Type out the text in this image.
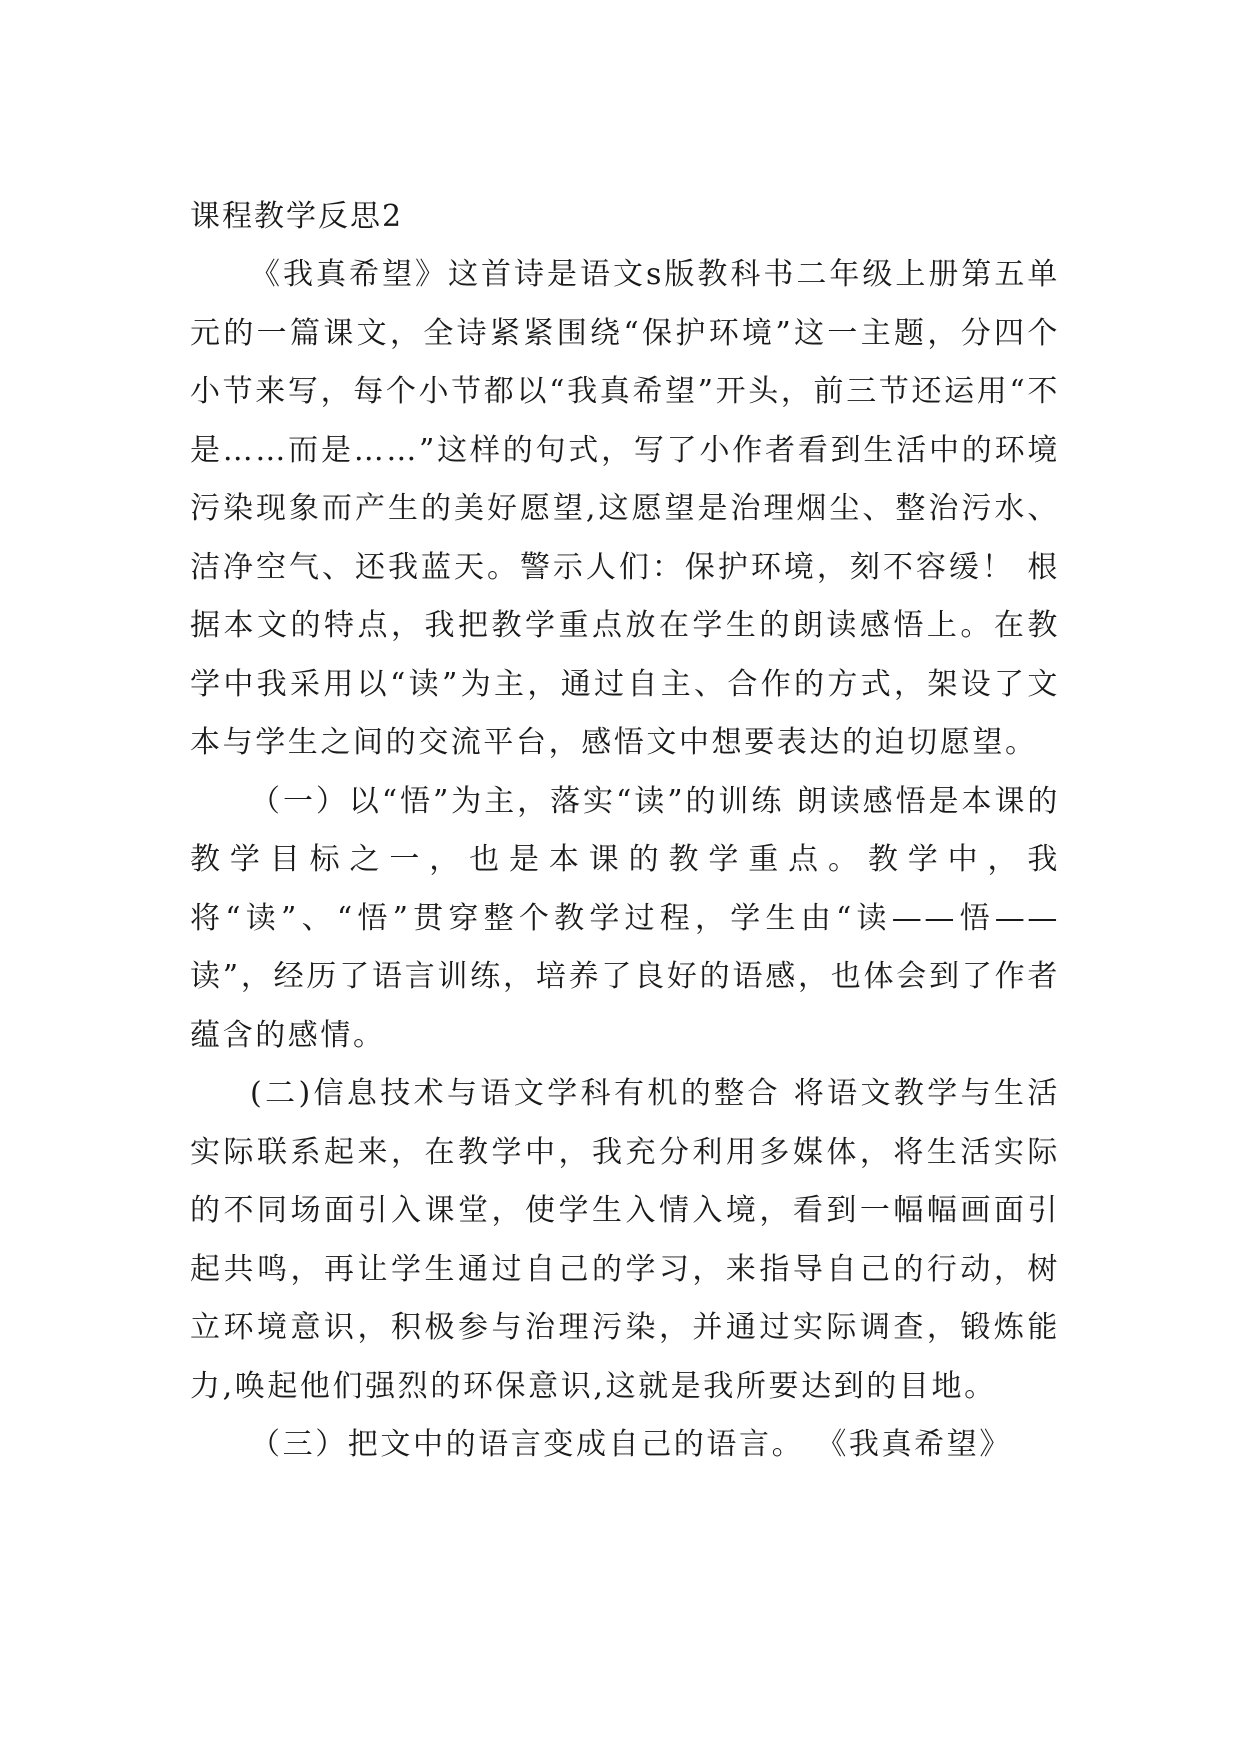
课程教学反思2

《我真希望》这首诗是语文s版教科书二年级上册第五单元的一篇课文，全诗紧紧围绕“保护环境”这一主题，分四个小节来写，每个小节都以“我真希望”开头，前三节还运用“不是……而是……”这样的句式，写了小作者看到生活中的环境污染现象而产生的美好愿望,这愿望是治理烟尘、整治污水、洁净空气、还我蓝天。警示人们：保护环境，刻不容缓！ 根据本文的特点，我把教学重点放在学生的朗读感悟上。在教学中我采用以“读”为主，通过自主、合作的方式，架设了文本与学生之间的交流平台，感悟文中想要表达的迫切愿望。

（一）以“悟”为主，落实“读”的训练 朗读感悟是本课的教学目标之一，也是本课的教学重点。教学中，我将“读”、“悟”贯穿整个教学过程，学生由“读——悟——读”，经历了语言训练，培养了良好的语感，也体会到了作者蕴含的感情。

(二)信息技术与语文学科有机的整合 将语文教学与生活实际联系起来，在教学中，我充分利用多媒体，将生活实际的不同场面引入课堂，使学生入情入境，看到一幅幅画面引起共鸣，再让学生通过自己的学习，来指导自己的行动，树立环境意识，积极参与治理污染，并通过实际调查，锻炼能力,唤起他们强烈的环保意识,这就是我所要达到的目地。

（三）把文中的语言变成自己的语言。 《我真希望》
